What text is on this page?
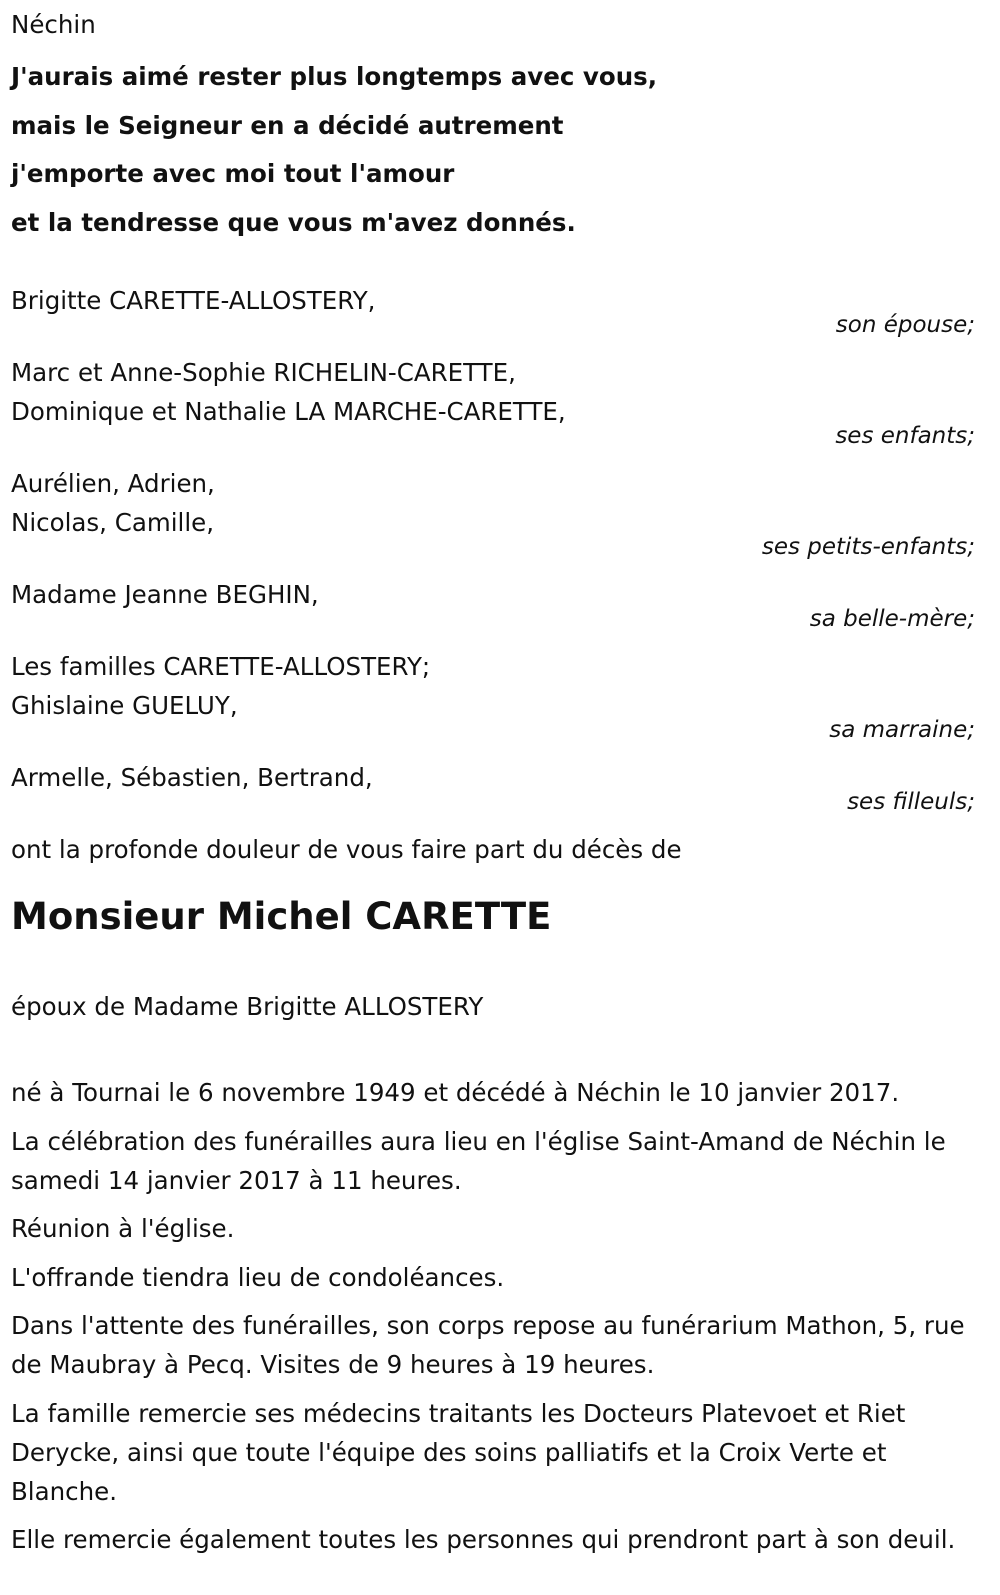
Néchin
J'aurais aimé rester plus longtemps avec vous,
mais le Seigneur en a décidé autrement
j'emporte avec moi tout l'amour
et la tendresse que vous m'avez donnés.
Brigitte CARETTE-ALLOSTERY,
son épouse;
Marc et Anne-Sophie RICHELIN-CARETTE,
Dominique et Nathalie LA MARCHE-CARETTE,
ses enfants;
Aurélien, Adrien,
Nicolas, Camille,
ses petits-enfants;
Madame Jeanne BEGHIN,
sa belle-mère;
Les familles CARETTE-ALLOSTERY;
Ghislaine GUELUY,
sa marraine;
Armelle, Sébastien, Bertrand,
ses filleuls;
ont la profonde douleur de vous faire part du décès de
Monsieur Michel CARETTE
époux de Madame Brigitte ALLOSTERY
né à Tournai le 6 novembre 1949 et décédé à Néchin le 10 janvier 2017.
La célébration des funérailles aura lieu en l'église Saint-Amand de Néchin le samedi 14 janvier 2017 à 11 heures.
Réunion à l'église.
L'offrande tiendra lieu de condoléances.
Dans l'attente des funérailles, son corps repose au funérarium Mathon, 5, rue de Maubray à Pecq. Visites de 9 heures à 19 heures.
La famille remercie ses médecins traitants les Docteurs Platevoet et Riet Derycke, ainsi que toute l'équipe des soins palliatifs et la Croix Verte et Blanche.
Elle remercie également toutes les personnes qui prendront part à son deuil.
